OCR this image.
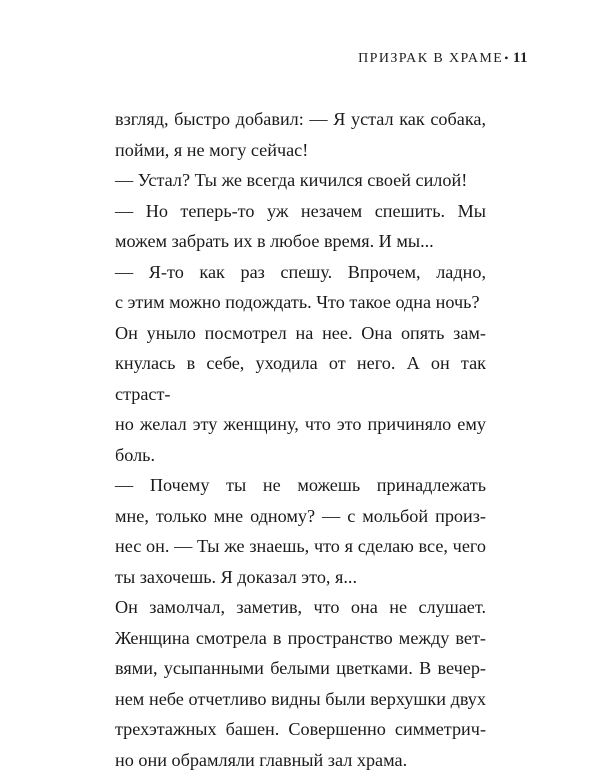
ПРИЗРАК В ХРАМЕ • 11

взгляд, быстро добавил: — Я устал как собака,

пойми, я не могу сейчас!

— Устал? Ты же всегда кичился своей силой!

— Но теперь-то уж незачем спешить. Мы

можем забрать их в любое время. И мы...

— Я-то как раз спешу. Впрочем, ладно,

с этим можно подождать. Что такое одна ночь?

Он уныло посмотрел на нее. Она опять зам-

кнулась в себе, уходила от него. А он так страст-

но желал эту женщину, что это причиняло ему

боль.

— Почему ты не можешь принадлежать

мне, только мне одному? — с мольбой произ-

нес он. — Ты же знаешь, что я сделаю все, чего

ты захочешь. Я доказал это, я...

Он замолчал, заметив, что она не слушает.

Женщина смотрела в пространство между вет-

вями, усыпанными белыми цветками. В вечер-

нем небе отчетливо видны были верхушки двух

трехэтажных башен. Совершенно симметрич-

но они обрамляли главный зал храма.
